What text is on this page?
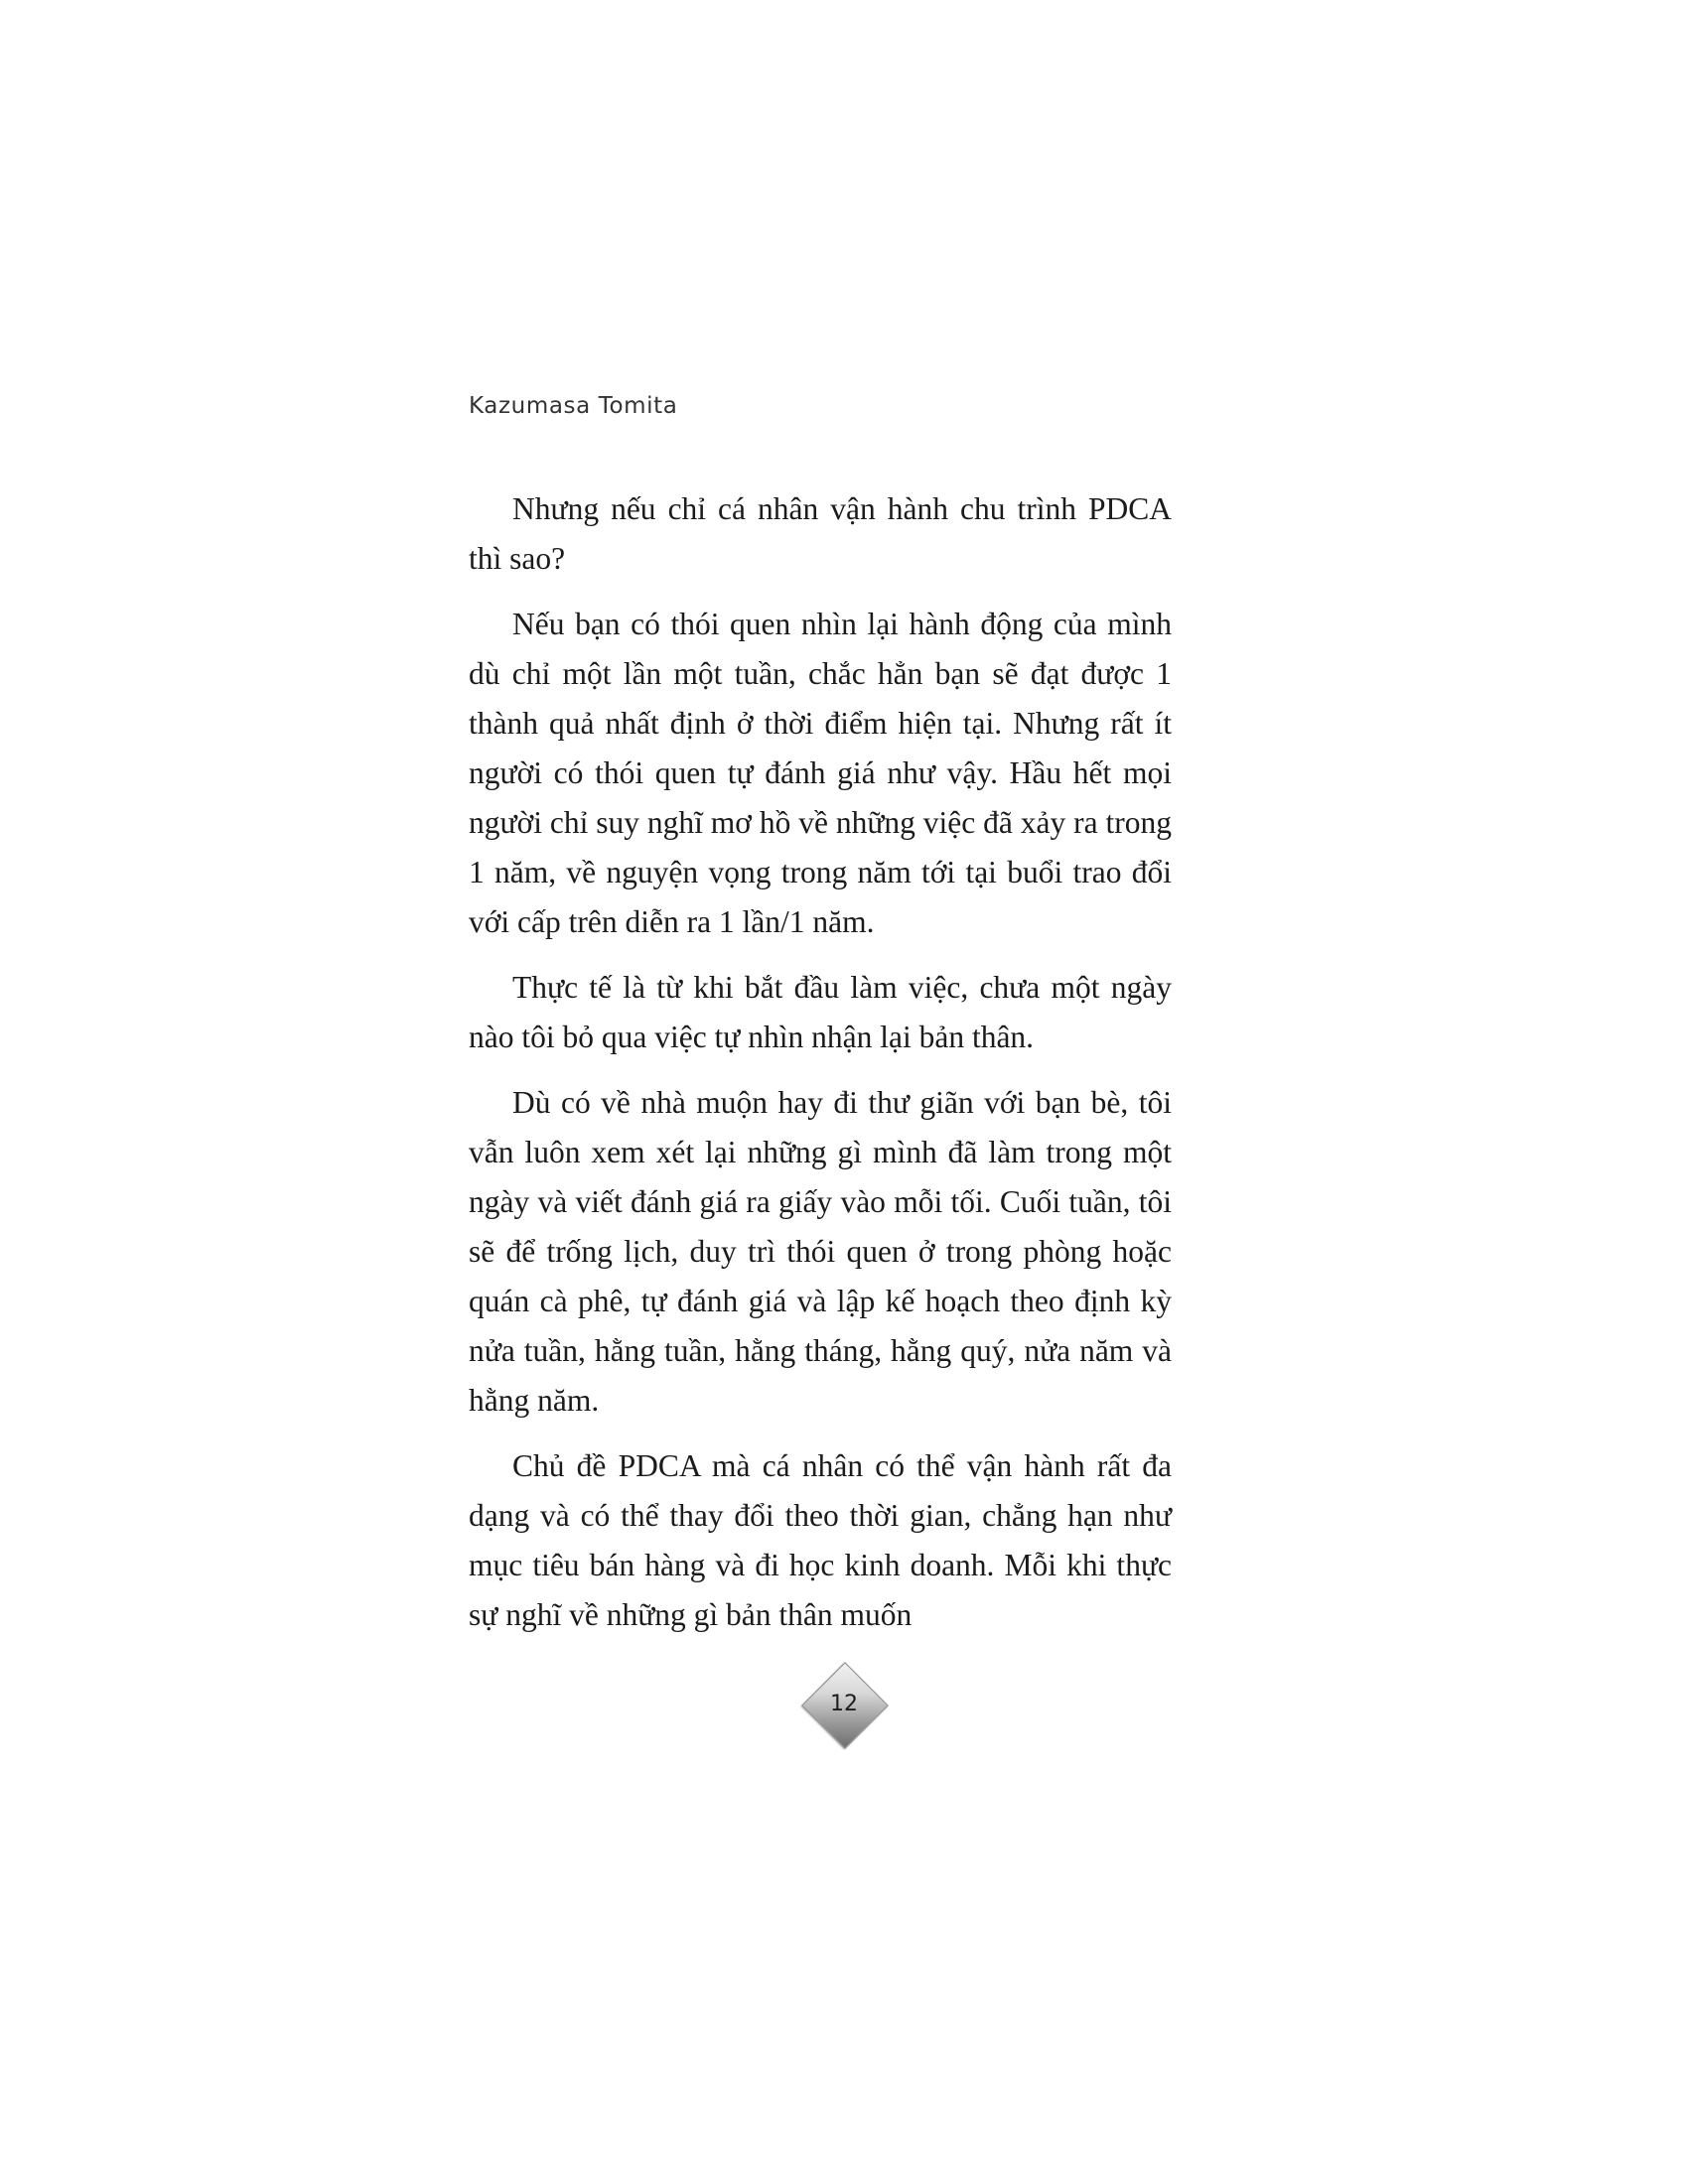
Kazumasa Tomita

Nhưng nếu chỉ cá nhân vận hành chu trình PDCA thì sao?

Nếu bạn có thói quen nhìn lại hành động của mình dù chỉ một lần một tuần, chắc hẳn bạn sẽ đạt được 1 thành quả nhất định ở thời điểm hiện tại. Nhưng rất ít người có thói quen tự đánh giá như vậy. Hầu hết mọi người chỉ suy nghĩ mơ hồ về những việc đã xảy ra trong 1 năm, về nguyện vọng trong năm tới tại buổi trao đổi với cấp trên diễn ra 1 lần/1 năm.

Thực tế là từ khi bắt đầu làm việc, chưa một ngày nào tôi bỏ qua việc tự nhìn nhận lại bản thân.

Dù có về nhà muộn hay đi thư giãn với bạn bè, tôi vẫn luôn xem xét lại những gì mình đã làm trong một ngày và viết đánh giá ra giấy vào mỗi tối. Cuối tuần, tôi sẽ để trống lịch, duy trì thói quen ở trong phòng hoặc quán cà phê, tự đánh giá và lập kế hoạch theo định kỳ nửa tuần, hằng tuần, hằng tháng, hằng quý, nửa năm và hằng năm.

Chủ đề PDCA mà cá nhân có thể vận hành rất đa dạng và có thể thay đổi theo thời gian, chẳng hạn như mục tiêu bán hàng và đi học kinh doanh. Mỗi khi thực sự nghĩ về những gì bản thân muốn

12
